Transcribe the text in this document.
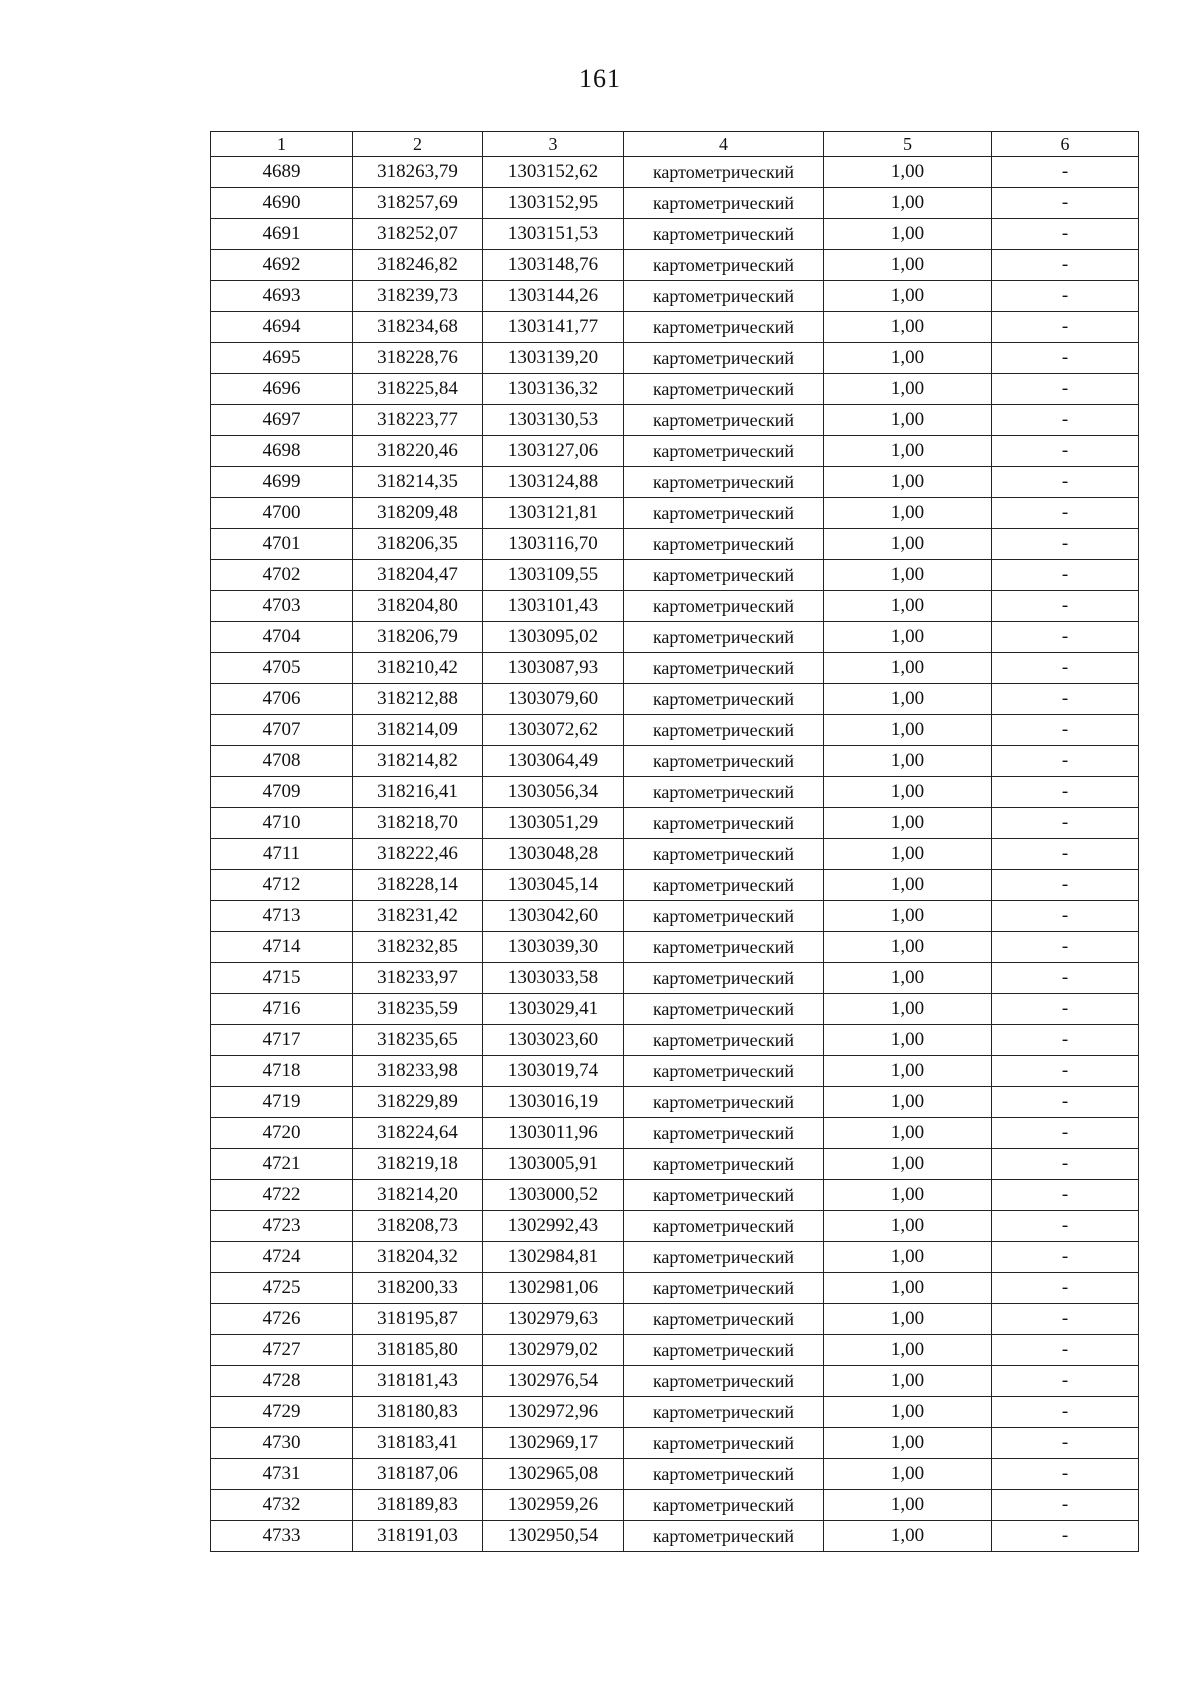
161
1	2	3	4	5	6
4689	318263,79	1303152,62	картометрический	1,00	-
4690	318257,69	1303152,95	картометрический	1,00	-
4691	318252,07	1303151,53	картометрический	1,00	-
4692	318246,82	1303148,76	картометрический	1,00	-
4693	318239,73	1303144,26	картометрический	1,00	-
4694	318234,68	1303141,77	картометрический	1,00	-
4695	318228,76	1303139,20	картометрический	1,00	-
4696	318225,84	1303136,32	картометрический	1,00	-
4697	318223,77	1303130,53	картометрический	1,00	-
4698	318220,46	1303127,06	картометрический	1,00	-
4699	318214,35	1303124,88	картометрический	1,00	-
4700	318209,48	1303121,81	картометрический	1,00	-
4701	318206,35	1303116,70	картометрический	1,00	-
4702	318204,47	1303109,55	картометрический	1,00	-
4703	318204,80	1303101,43	картометрический	1,00	-
4704	318206,79	1303095,02	картометрический	1,00	-
4705	318210,42	1303087,93	картометрический	1,00	-
4706	318212,88	1303079,60	картометрический	1,00	-
4707	318214,09	1303072,62	картометрический	1,00	-
4708	318214,82	1303064,49	картометрический	1,00	-
4709	318216,41	1303056,34	картометрический	1,00	-
4710	318218,70	1303051,29	картометрический	1,00	-
4711	318222,46	1303048,28	картометрический	1,00	-
4712	318228,14	1303045,14	картометрический	1,00	-
4713	318231,42	1303042,60	картометрический	1,00	-
4714	318232,85	1303039,30	картометрический	1,00	-
4715	318233,97	1303033,58	картометрический	1,00	-
4716	318235,59	1303029,41	картометрический	1,00	-
4717	318235,65	1303023,60	картометрический	1,00	-
4718	318233,98	1303019,74	картометрический	1,00	-
4719	318229,89	1303016,19	картометрический	1,00	-
4720	318224,64	1303011,96	картометрический	1,00	-
4721	318219,18	1303005,91	картометрический	1,00	-
4722	318214,20	1303000,52	картометрический	1,00	-
4723	318208,73	1302992,43	картометрический	1,00	-
4724	318204,32	1302984,81	картометрический	1,00	-
4725	318200,33	1302981,06	картометрический	1,00	-
4726	318195,87	1302979,63	картометрический	1,00	-
4727	318185,80	1302979,02	картометрический	1,00	-
4728	318181,43	1302976,54	картометрический	1,00	-
4729	318180,83	1302972,96	картометрический	1,00	-
4730	318183,41	1302969,17	картометрический	1,00	-
4731	318187,06	1302965,08	картометрический	1,00	-
4732	318189,83	1302959,26	картометрический	1,00	-
4733	318191,03	1302950,54	картометрический	1,00	-
